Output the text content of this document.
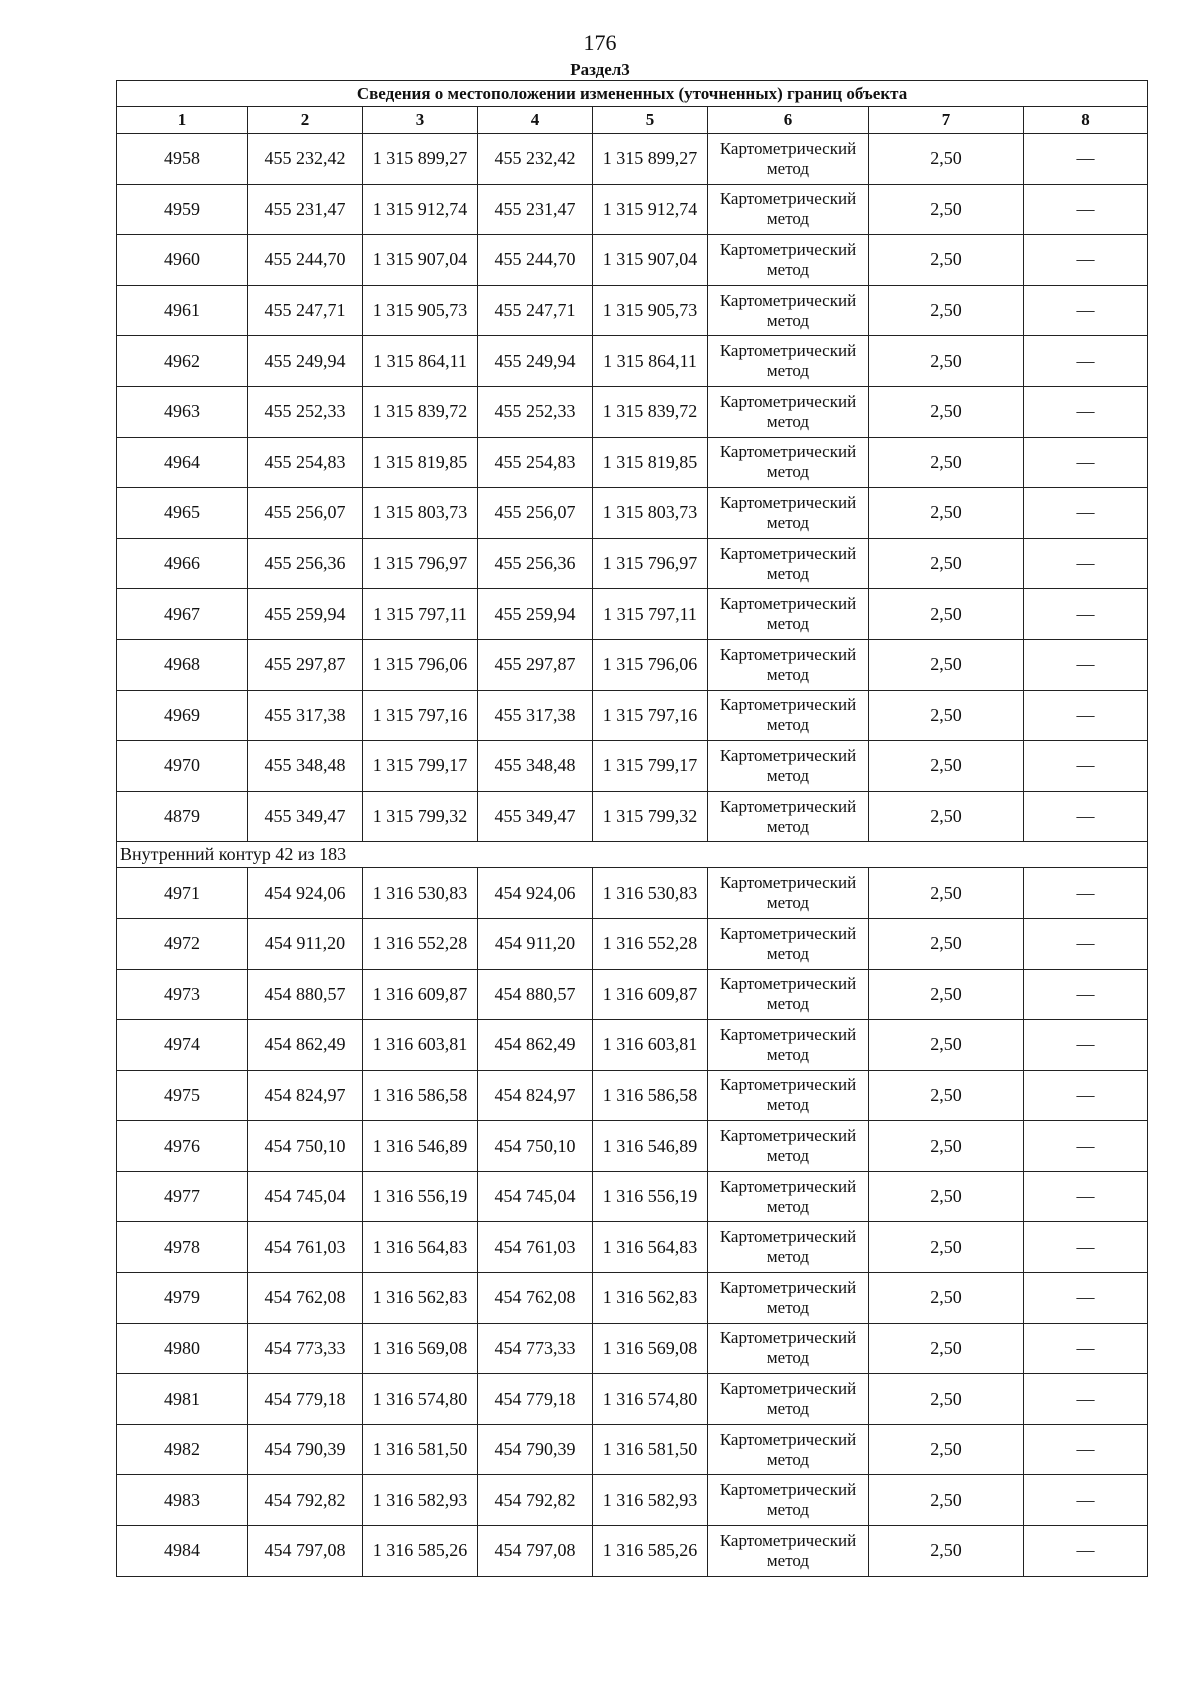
176
Раздел3
Сведения о местоположении измененных (уточненных) границ объекта							
1	2	3	4	5	6	7	8
4958	455 232,42	1 315 899,27	455 232,42	1 315 899,27	Картометрический метод	2,50	—
4959	455 231,47	1 315 912,74	455 231,47	1 315 912,74	Картометрический метод	2,50	—
4960	455 244,70	1 315 907,04	455 244,70	1 315 907,04	Картометрический метод	2,50	—
4961	455 247,71	1 315 905,73	455 247,71	1 315 905,73	Картометрический метод	2,50	—
4962	455 249,94	1 315 864,11	455 249,94	1 315 864,11	Картометрический метод	2,50	—
4963	455 252,33	1 315 839,72	455 252,33	1 315 839,72	Картометрический метод	2,50	—
4964	455 254,83	1 315 819,85	455 254,83	1 315 819,85	Картометрический метод	2,50	—
4965	455 256,07	1 315 803,73	455 256,07	1 315 803,73	Картометрический метод	2,50	—
4966	455 256,36	1 315 796,97	455 256,36	1 315 796,97	Картометрический метод	2,50	—
4967	455 259,94	1 315 797,11	455 259,94	1 315 797,11	Картометрический метод	2,50	—
4968	455 297,87	1 315 796,06	455 297,87	1 315 796,06	Картометрический метод	2,50	—
4969	455 317,38	1 315 797,16	455 317,38	1 315 797,16	Картометрический метод	2,50	—
4970	455 348,48	1 315 799,17	455 348,48	1 315 799,17	Картометрический метод	2,50	—
4879	455 349,47	1 315 799,32	455 349,47	1 315 799,32	Картометрический метод	2,50	—
Внутренний контур 42 из 183							
4971	454 924,06	1 316 530,83	454 924,06	1 316 530,83	Картометрический метод	2,50	—
4972	454 911,20	1 316 552,28	454 911,20	1 316 552,28	Картометрический метод	2,50	—
4973	454 880,57	1 316 609,87	454 880,57	1 316 609,87	Картометрический метод	2,50	—
4974	454 862,49	1 316 603,81	454 862,49	1 316 603,81	Картометрический метод	2,50	—
4975	454 824,97	1 316 586,58	454 824,97	1 316 586,58	Картометрический метод	2,50	—
4976	454 750,10	1 316 546,89	454 750,10	1 316 546,89	Картометрический метод	2,50	—
4977	454 745,04	1 316 556,19	454 745,04	1 316 556,19	Картометрический метод	2,50	—
4978	454 761,03	1 316 564,83	454 761,03	1 316 564,83	Картометрический метод	2,50	—
4979	454 762,08	1 316 562,83	454 762,08	1 316 562,83	Картометрический метод	2,50	—
4980	454 773,33	1 316 569,08	454 773,33	1 316 569,08	Картометрический метод	2,50	—
4981	454 779,18	1 316 574,80	454 779,18	1 316 574,80	Картометрический метод	2,50	—
4982	454 790,39	1 316 581,50	454 790,39	1 316 581,50	Картометрический метод	2,50	—
4983	454 792,82	1 316 582,93	454 792,82	1 316 582,93	Картометрический метод	2,50	—
4984	454 797,08	1 316 585,26	454 797,08	1 316 585,26	Картометрический метод	2,50	—
